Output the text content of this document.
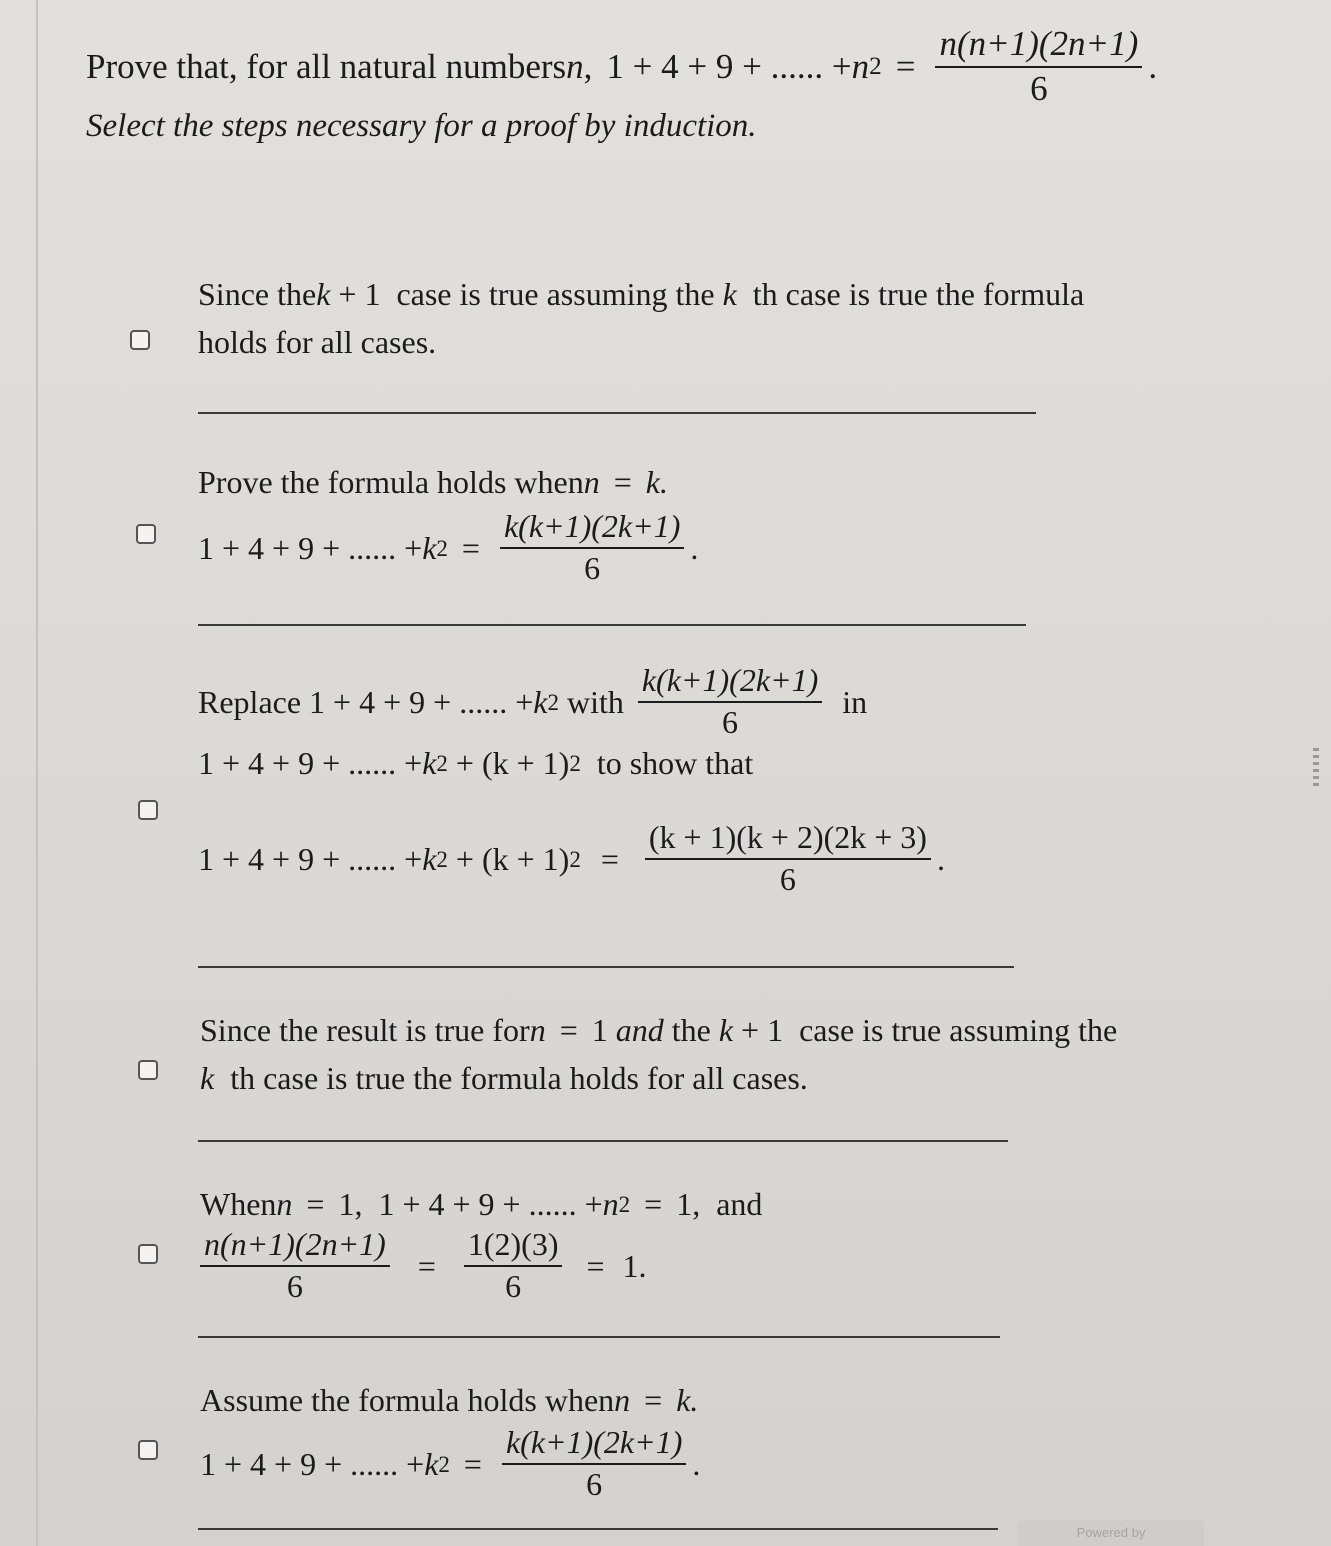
Prove that, for all natural numbers n , 1 + 4 + 9 + ...... + n $2 = \frac{n(n+1)(2n+1)}{6}$ .
Select the steps necessary for a proof by induction.
Since the k + 1  case is true assuming the k th case is true the formula
holds for all cases.
Prove the formula holds when n = k.
1 + 4 + 9 + ...... + k $2 = \frac{k(k+1)(2k+1)}{6}$ .
Replace 1 + 4 + 9 + ...... + k 2 with $\frac{k(k+1)(2k+1)}{6}$ in
1 + 4 + 9 + ...... + k 2 + (k + 1) 2 to show that
1 + 4 + 9 + ...... + k 2 + (k + 1) $2 = \frac{(k + 1)(k + 2)(2k + 3)}{6}$ .
Since the result is true for n = 1 and the k + 1  case is true assuming the
k th case is true the formula holds for all cases.
When n = 1,  1 + 4 + 9 + ...... + n 2 = 1,  and
$\frac{n(n+1)(2n+1)}{6} = \frac{1(2)(3)}{6} = 1$.
Assume the formula holds when n = k.
1 + 4 + 9 + ...... + k $2 = \frac{k(k+1)(2k+1)}{6}$ .
Powered by
